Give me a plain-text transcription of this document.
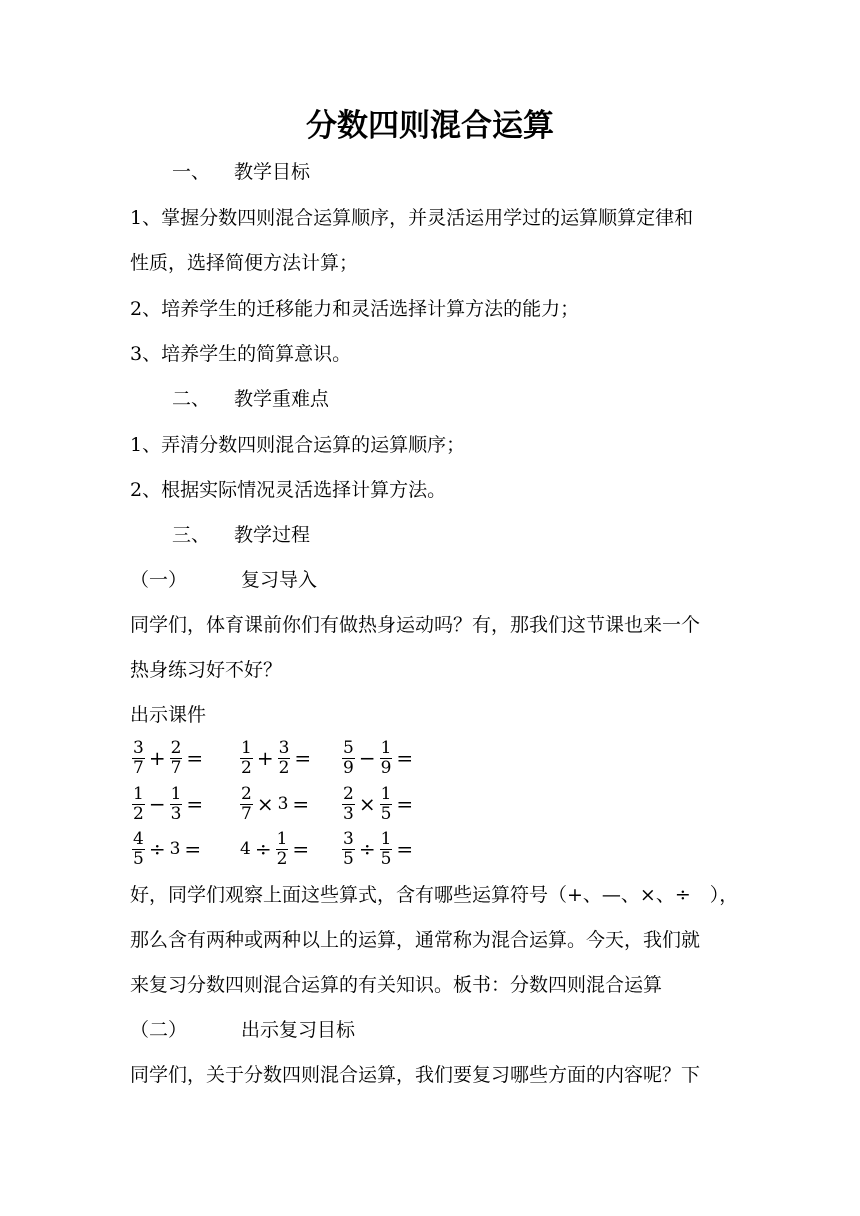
分数四则混合运算
一、 教学目标
1、掌握分数四则混合运算顺序，并灵活运用学过的运算顺算定律和
性质，选择简便方法计算；
2、培养学生的迁移能力和灵活选择计算方法的能力；
3、培养学生的简算意识。
二、 教学重难点
1、弄清分数四则混合运算的运算顺序；
2、根据实际情况灵活选择计算方法。
三、 教学过程
（一）	复习导入
同学们，体育课前你们有做热身运动吗？有，那我们这节课也来一个
热身练习好不好？
出示课件
$\frac{3}{7} + \frac{2}{7} = \frac{1}{2} + \frac{3}{2} = \frac{5}{9} - \frac{1}{9}$ =
$\frac{1}{2} - \frac{1}{3} = \frac{2}{7} \times 3 = \frac{2}{3} \times \frac{1}{5}$ =
$\frac{4}{5} \div 3 = 4 \div \frac{1}{2} = \frac{3}{5} \div \frac{1}{5}$ =
好，同学们观察上面这些算式，含有哪些运算符号（+、—、×、÷　），
那么含有两种或两种以上的运算，通常称为混合运算。今天，我们就
来复习分数四则混合运算的有关知识。板书：分数四则混合运算
（二）	出示复习目标
同学们，关于分数四则混合运算，我们要复习哪些方面的内容呢？下
